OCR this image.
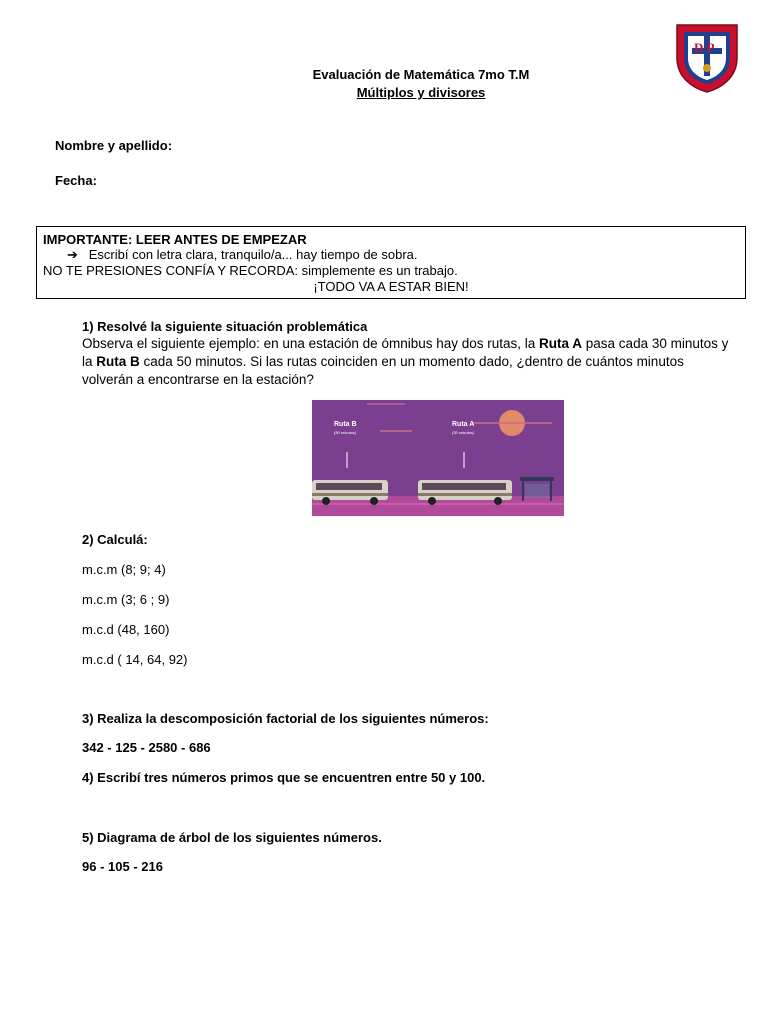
Evaluación de Matemática 7mo T.M
Múltiplos y divisores
D P
Nombre y apellido:
Fecha:
IMPORTANTE: LEER ANTES DE EMPEZAR
➔ Escribí con letra clara, tranquilo/a... hay tiempo de sobra.
NO TE PRESIONES CONFÍA Y RECORDA: simplemente es un trabajo.
¡TODO VA A ESTAR BIEN!
1) Resolvé la siguiente situación problemática
Observa el siguiente ejemplo: en una estación de ómnibus hay dos rutas, la Ruta A pasa cada 30 minutos y la Ruta B cada 50 minutos. Si las rutas coinciden en un momento dado, ¿dentro de cuántos minutos volverán a encontrarse en la estación?
Ruta B
(50 minutos)
Ruta A
(30 minutos)
2) Calculá:
m.c.m (8; 9; 4)
m.c.m (3; 6 ; 9)
m.c.d (48, 160)
m.c.d ( 14, 64, 92)
3) Realiza la descomposición factorial de los siguientes números:
342 - 125 - 2580 - 686
4) Escribí tres números primos que se encuentren entre 50 y 100.
5) Diagrama de árbol de los siguientes números.
96 - 105 - 216
